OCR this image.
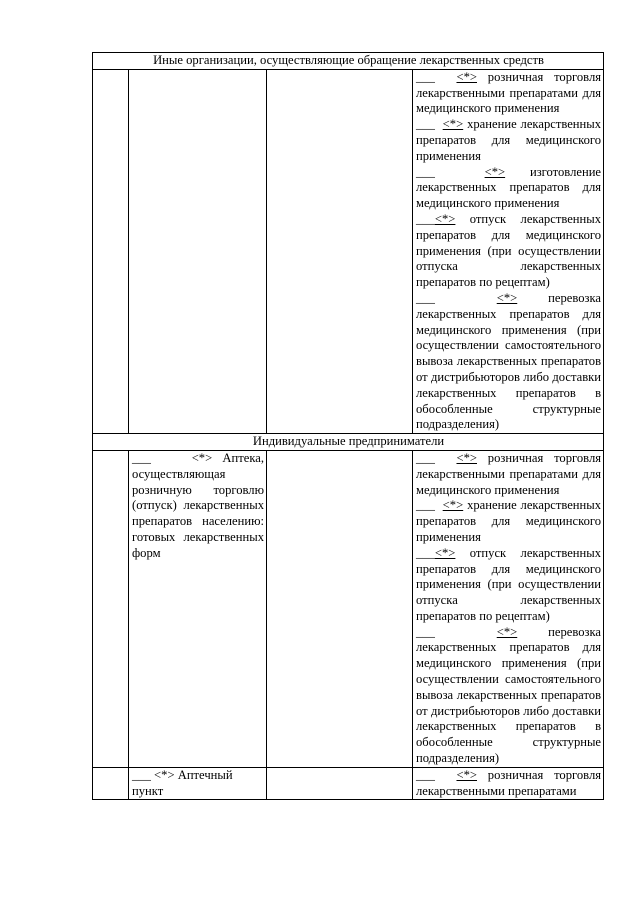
Иные организации, осуществляющие обращение лекарственных средств			

			___ <*> розничная торговля лекарственными препаратами для медицинского применения
___ <*> хранение лекарственных препаратов для медицинского применения
___ <*> изготовление лекарственных препаратов для медицинского применения
___<*> отпуск лекарственных препаратов для медицинского применения (при осуществлении отпуска лекарственных препаратов по рецептам)
___ <*> перевозка лекарственных препаратов для медицинского применения (при осуществлении самостоятельного вывоза лекарственных препаратов от дистрибьюторов либо доставки лекарственных препаратов в обособленные структурные подразделения)

Индивидуальные предприниматели			

	___ <*> Аптека, осуществляющая розничную торговлю (отпуск) лекарственных препаратов населению: готовых лекарственных форм		___ <*> розничная торговля лекарственными препаратами для медицинского применения
___ <*> хранение лекарственных препаратов для медицинского применения
___<*> отпуск лекарственных препаратов для медицинского применения (при осуществлении отпуска лекарственных препаратов по рецептам)
___ <*> перевозка лекарственных препаратов для медицинского применения (при осуществлении самостоятельного вывоза лекарственных препаратов от дистрибьюторов либо доставки лекарственных препаратов в обособленные структурные подразделения)

	___ <*> Аптечный пункт		___ <*> розничная торговля лекарственными препаратами
